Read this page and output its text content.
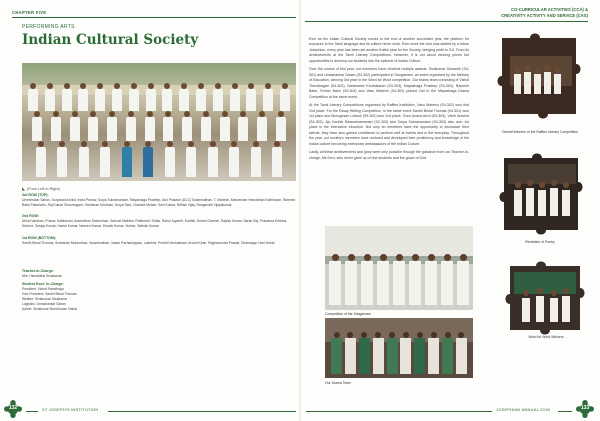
CHAPTER FIVE
PERFORMING ARTS
Indian Cultural Society
◣ (From Left to Right)
3rd ROW (TOP):
Umeshvikar Sahan, Suryanand Ankit, Indra Pranav, Surya Subramaniam, Mayashaga Pradeep, Arul Prakash (UCC) Swaminathan, T. Mahesh, Maharshan Hearadhan Kathiravan, Ramesh Babu Palanivelu, Raj Kumar Shanmugam, Hariharan Krishnan, Surya Sasi, Chandra Mohan, Sasi Kumar, Nithish Vijay, Ranganath Vijayakumar
2nd ROW:
Abhai Vardhan, Pranav Kathiravan, Aravindhan Sivamohan, Samuel Mathew, Pratheesh Thilak, Rahul Jayanth, Karthik, Sriram Ganesh, Rajesh Kumar, Saran Raj, Prasanna Krishna, Kishore, Sanjay Kumar, Harish Kumar, Naveen Kumar, Dinesh Kumar, Vishnu, Sathish Kumar
1st ROW (BOTTOM):
Santhi Bimal Thomas, Sudeshan Muhunthan, Swaminathan, Vasan Pazhaniappan, Lakshmi, Preethi Venkatesan, Arvind Kiran, Raghavendra Prasad, Dhananjay, Hari Vishal
Teacher-in-Charge:
Mrs. Hemalatha Sivakumar
Student Exco' In-Charge:
President: Vishal Ramdhaga
Vice-President: Santhi Bimal Thomas
Welfare: Sivakumar Sivakumar
Logistics: Umashankar Sahan
Admin: Sivakumar Muruthuvan Vishal
132	ST JOSEPH'S INSTITUTION
CO-CURRICULAR ACTIVITIES (CCA) &
CREATIVITY ACTIVITY AND SERVICE (CAS)

Ever as the Indian Cultural Society comes to the end of another successful year, the platform for exposure to the Tamil language and its culture never ends. Ever since the club was started by a fellow Josephian, every year has been yet another fruitful year for the Society, bringing pride to SJI. From its achievements at the Tamil Literary Competitions. However, it is not about winning prizes but opportunities to develop our students into the epitome of Indian Culture.

Over the course of this year, our members have clinched multiple awards. Sivakumar Sharanth (S4-301) and Umashankar Sahan (S4-302) participated in Sangamam, an event organised by the Ministry of Education, winning 3rd prize in the Word for Word competition. Our teams team consisting of Vishal Thendhagan (S4-302), Naraharish Kirubakaran (S3-303), Mayashaga Pradeep (S4-303), Ramesh Babu, Rohan Babu (S3-304) and Vasu Mahesh (S4-302) placed 2nd in the Mayashaga Drama Competition at the same event.

At the Tamil Literary Competitions organised by Raffles Institution, Vasu Mahesh (S4-302) won first 2nd place. For the Essay Writing Competition, in the same event Santhi Bimal Thomas (S4-301) won 1st place and Murugesan Lokesh (S5-302) won 2nd place. Guru Anand Arivil (S4-303), Vivek Aravind (S4-302), Aju Karthik Balasubramanian (S2-303) and Surya Subramaniam (S4-303) also won 1st place in the interactive elocution. Not only do members have the opportunity to showcase their talents, they have also gained confidence to perform well at events and in the everyday. Throughout the year, our society's members have nurtured and developed their proficiency and knowledge of the Indian culture becoming exemplary ambassadors of the Indian Culture.

Lastly, all these achievements and glory were only possible through the guidance from our Teacher-in-charge, Ms Devi, who never gave up on the students and the grace of God.

Overall Winners of the Raffles Literary Competition
Recitation of Poetry
Word for Word Winners
Competition of the Sangamam
Our Drama Team
JOSEPHIAN ANNUAL 2018	133
